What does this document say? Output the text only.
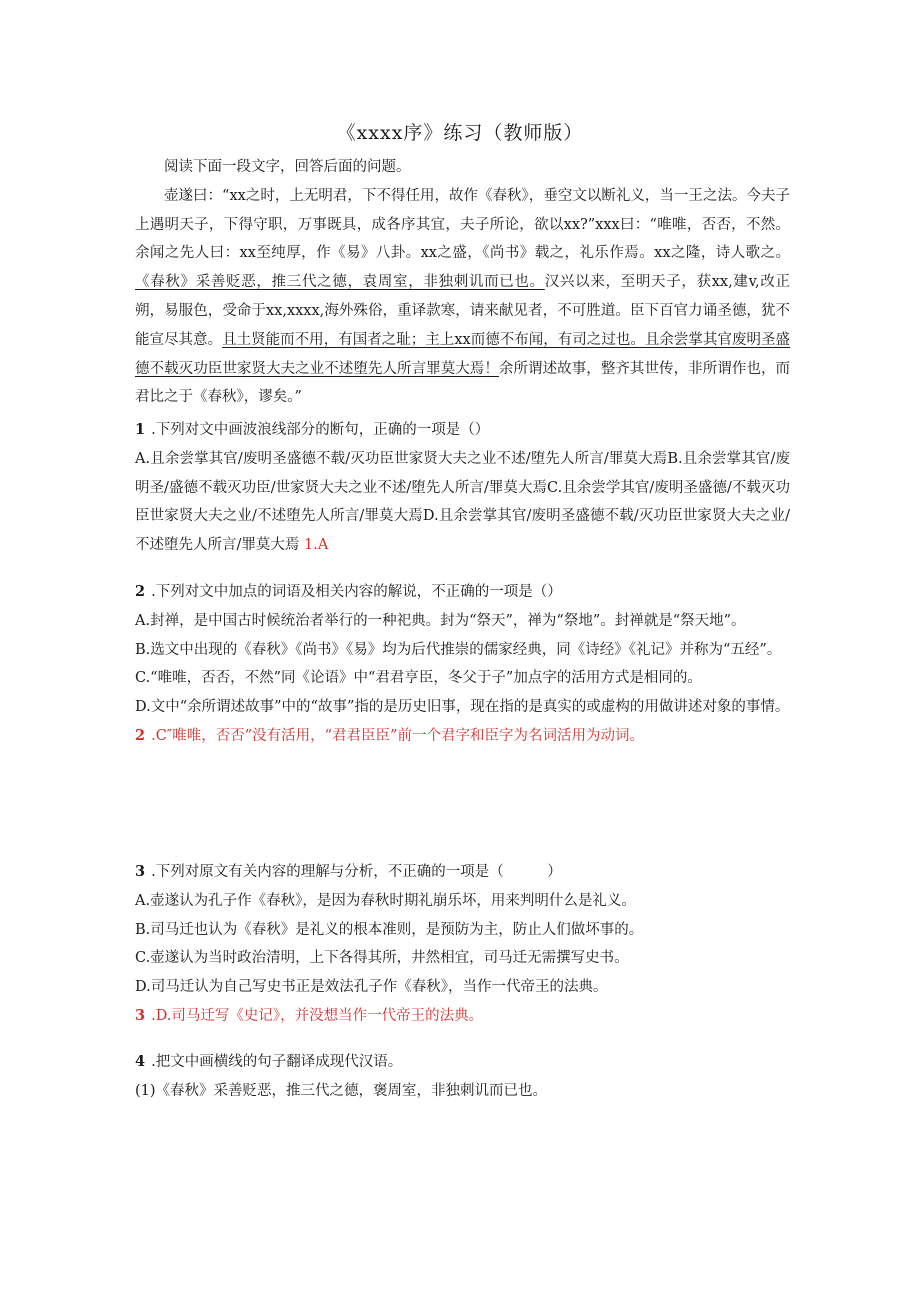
《xxxx序》练习（教师版）

阅读下面一段文字，回答后面的问题。

壶遂曰：“xx之时，上无明君，下不得任用，故作《春秋》，垂空文以断礼义，当一王之法。今夫子上遇明天子，下得守职，万事既具，成各序其宜，夫子所论，欲以xx?”xxx曰：“唯唯，否否，不然。余闻之先人曰：xx至纯厚，作《易》八卦。xx之盛，《尚书》载之，礼乐作焉。xx之隆，诗人歌之。《春秋》采善贬恶，推三代之德，袁周室，非独刺讥而已也。汉兴以来，至明天子，获xx,建v,改正朔，易服色，受命于xx,xxxx,海外殊俗，重译款寒，请来献见者，不可胜道。臣下百官力诵圣德，犹不能宣尽其意。且土贤能而不用，有国者之耻；主上xx而德不布闻，有司之过也。且余尝掌其官废明圣盛德不载灭功臣世家贤大夫之业不述堕先人所言罪莫大焉！余所谓述故事，整齐其世传，非所谓作也，而君比之于《春秋》，谬矣。”

1 .下列对文中画波浪线部分的断句，正确的一项是（）

A.且余尝掌其官/废明圣盛德不载/灭功臣世家贤大夫之业不述/堕先人所言/罪莫大焉B.且余尝掌其官/废明圣/盛德不载灭功臣/世家贤大夫之业不述/堕先人所言/罪莫大焉C.且余尝学其官/废明圣盛德/不载灭功臣世家贤大夫之业/不述堕先人所言/罪莫大焉D.且余尝掌其官/废明圣盛德不载/灭功臣世家贤大夫之业/不述堕先人所言/罪莫大焉 1.A

2 .下列对文中加点的词语及相关内容的解说，不正确的一项是（）

A.封禅，是中国古时候统治者举行的一种祀典。封为“祭天”，禅为“祭地”。封禅就是“祭天地”。

B.选文中出现的《春秋》《尚书》《易》均为后代推崇的儒家经典，同《诗经》《礼记》并称为“五经”。

C.“唯唯，否否，不然”同《论语》中“君君亨臣，冬父于子”加点字的活用方式是相同的。

D.文中“余所谓述故事”中的“故事”指的是历史旧事，现在指的是真实的或虚构的用做讲述对象的事情。

2 .C″唯唯，否否”没有活用，“君君臣臣”前一个君字和臣字为名词活用为动词。

3 .下列对原文有关内容的理解与分析，不正确的一项是（　　　）

A.壶遂认为孔子作《春秋》，是因为春秋时期礼崩乐坏，用来判明什么是礼义。

B.司马迁也认为《春秋》是礼义的根本准则，是预防为主，防止人们做坏事的。

C.壶遂认为当时政治清明，上下各得其所，井然相宜，司马迁无需撰写史书。

D.司马迁认为自己写史书正是效法孔子作《春秋》，当作一代帝王的法典。

3 .D.司马迁写《史记》，并没想当作一代帝王的法典。

4 .把文中画横线的句子翻译成现代汉语。

(1)《春秋》采善贬恶，推三代之德，褒周室，非独刺讥而已也。
